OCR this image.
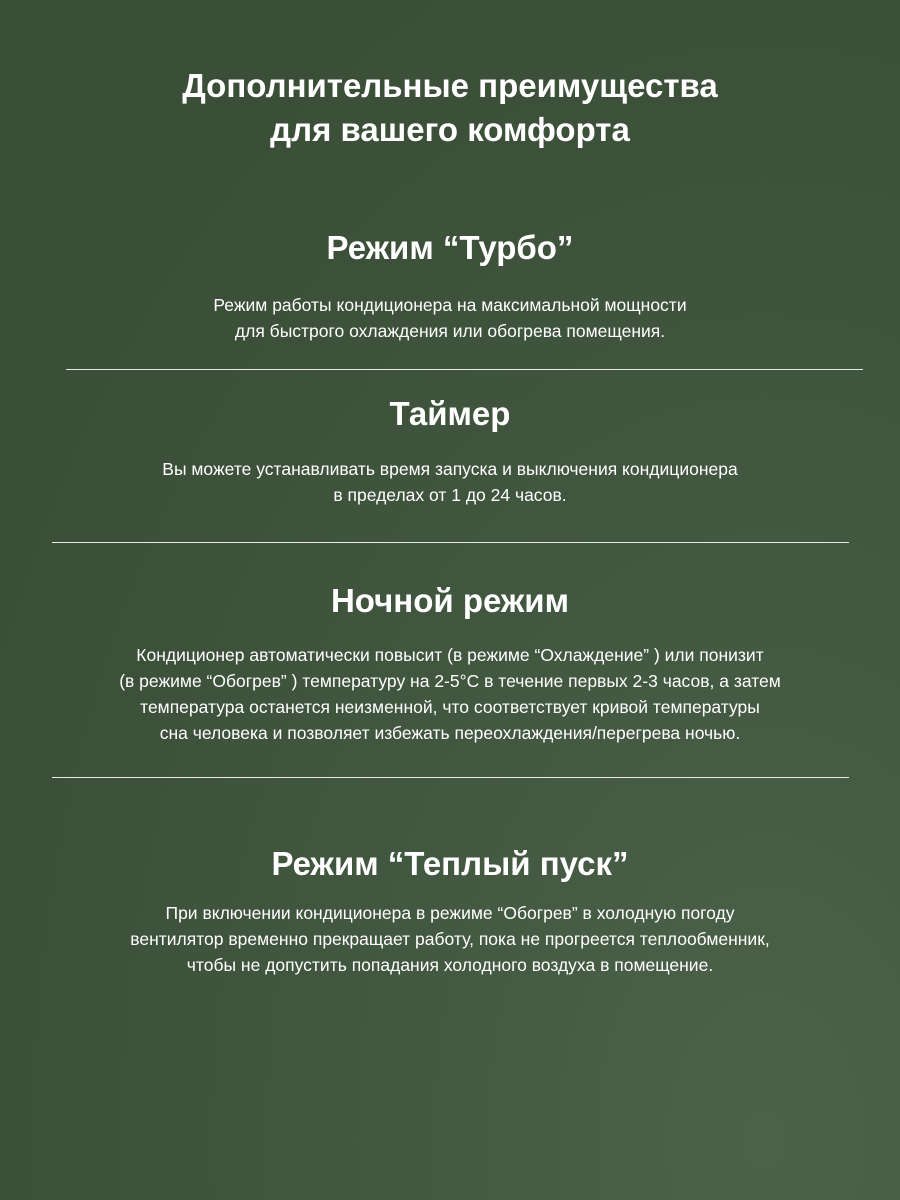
Дополнительные преимущества
для вашего комфорта
Режим “Турбо”

Режим работы кондиционера на максимальной мощности
для быстрого охлаждения или обогрева помещения.

Таймер

Вы можете устанавливать время запуска и выключения кондиционера
в пределах от 1 до 24 часов.

Ночной режим

Кондиционер автоматически повысит (в режиме “Охлаждение” ) или понизит
(в режиме “Обогрев” ) температуру на 2-5°С в течение первых 2-3 часов, а затем
температура останется неизменной, что соответствует кривой температуры
сна человека и позволяет избежать переохлаждения/перегрева ночью.

Режим “Теплый пуск”

При включении кондиционера в режиме “Обогрев” в холодную погоду
вентилятор временно прекращает работу, пока не прогреется теплообменник,
чтобы не допустить попадания холодного воздуха в помещение.
